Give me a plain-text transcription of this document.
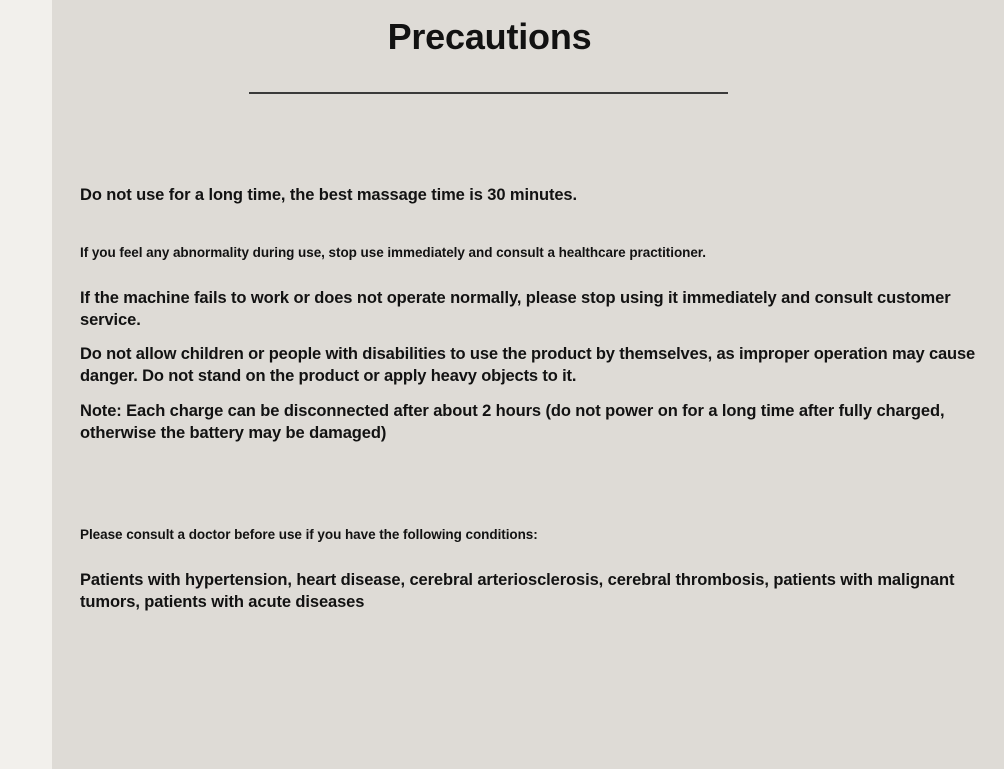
Precautions

Do not use for a long time, the best massage time is 30 minutes.

If you feel any abnormality during use, stop use immediately and consult a healthcare practitioner.

If the machine fails to work or does not operate normally, please stop using it immediately and consult customer service.

Do not allow children or people with disabilities to use the product by themselves, as improper operation may cause danger. Do not stand on the product or apply heavy objects to it.

Note: Each charge can be disconnected after about 2 hours (do not power on for a long time after fully charged, otherwise the battery may be damaged)

Please consult a doctor before use if you have the following conditions:

Patients with hypertension, heart disease, cerebral arteriosclerosis, cerebral thrombosis, patients with malignant tumors, patients with acute diseases
